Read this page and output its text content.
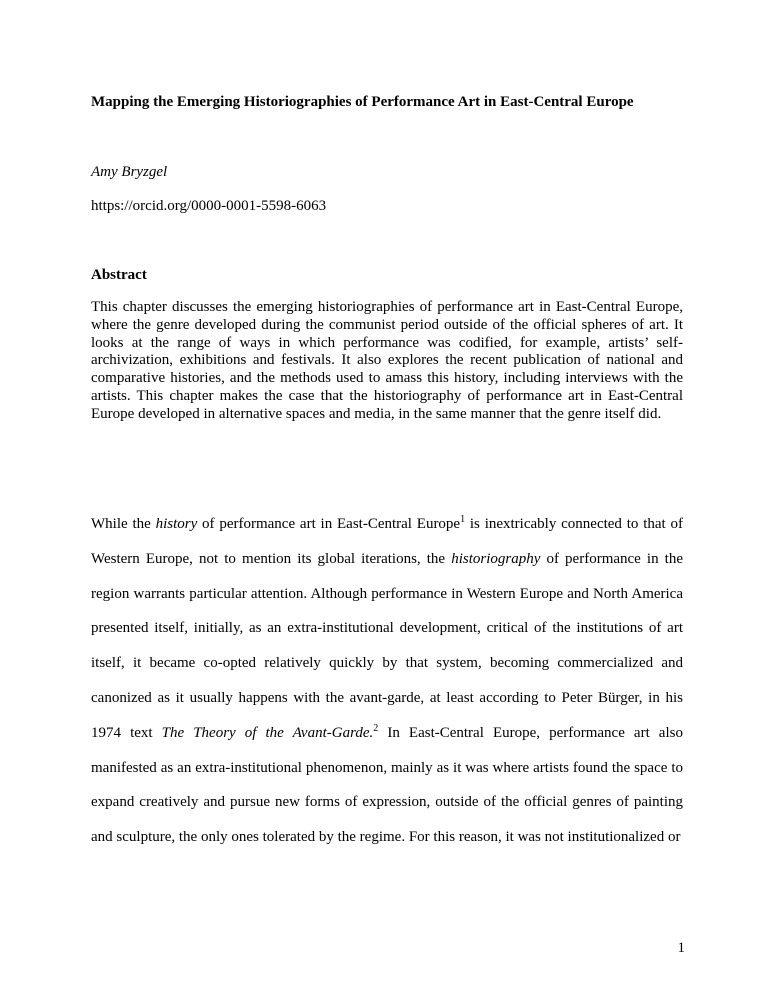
Mapping the Emerging Historiographies of Performance Art in East-Central Europe
Amy Bryzgel
https://orcid.org/0000-0001-5598-6063
Abstract
This chapter discusses the emerging historiographies of performance art in East-Central Europe, where the genre developed during the communist period outside of the official spheres of art. It looks at the range of ways in which performance was codified, for example, artists’ self-archivization, exhibitions and festivals. It also explores the recent publication of national and comparative histories, and the methods used to amass this history, including interviews with the artists. This chapter makes the case that the historiography of performance art in East-Central Europe developed in alternative spaces and media, in the same manner that the genre itself did.

While the history of performance art in East-Central Europe$^1$ is inextricably connected to that of Western Europe, not to mention its global iterations, the historiography of performance in the region warrants particular attention. Although performance in Western Europe and North America presented itself, initially, as an extra-institutional development, critical of the institutions of art itself, it became co-opted relatively quickly by that system, becoming commercialized and canonized as it usually happens with the avant-garde, at least according to Peter Bürger, in his 1974 text The Theory of the Avant-Garde.$^2$ In East-Central Europe, performance art also manifested as an extra-institutional phenomenon, mainly as it was where artists found the space to expand creatively and pursue new forms of expression, outside of the official genres of painting and sculpture, the only ones tolerated by the regime. For this reason, it was not institutionalized or

1
